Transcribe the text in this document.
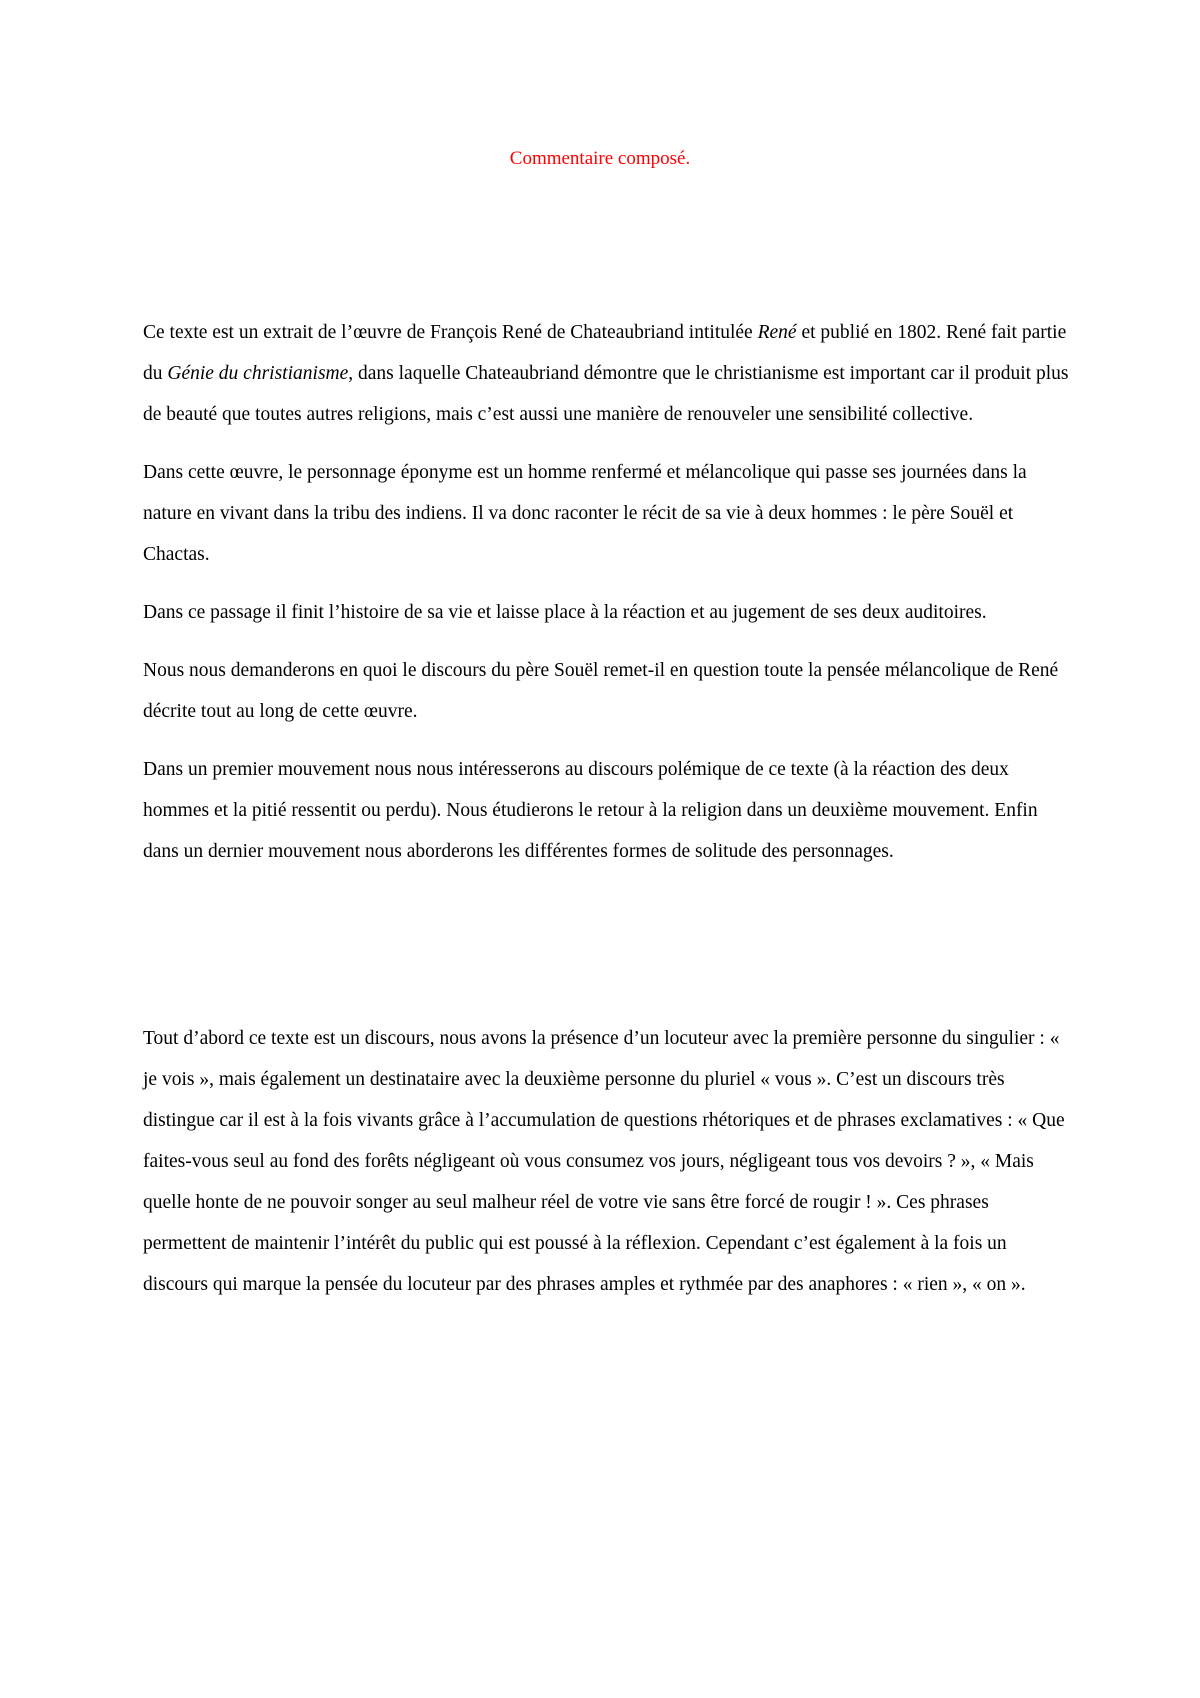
Commentaire composé.

Ce texte est un extrait de l’œuvre de François René de Chateaubriand intitulée René et publié en 1802. René fait partie du Génie du christianisme, dans laquelle Chateaubriand démontre que le christianisme est important car il produit plus de beauté que toutes autres religions, mais c’est aussi une manière de renouveler une sensibilité collective.

Dans cette œuvre, le personnage éponyme est un homme renfermé et mélancolique qui passe ses journées dans la nature en vivant dans la tribu des indiens. Il va donc raconter le récit de sa vie à deux hommes : le père Souël et Chactas.

Dans ce passage il finit l’histoire de sa vie et laisse place à la réaction et au jugement de ses deux auditoires.

Nous nous demanderons en quoi le discours du père Souël remet-il en question toute la pensée mélancolique de René décrite tout au long de cette œuvre.

Dans un premier mouvement nous nous intéresserons au discours polémique de ce texte (à la réaction des deux hommes et la pitié ressentit ou perdu). Nous étudierons le retour à la religion dans un deuxième mouvement. Enfin dans un dernier mouvement nous aborderons les différentes formes de solitude des personnages.

Tout d’abord ce texte est un discours, nous avons la présence d’un locuteur avec la première personne du singulier : « je vois », mais également un destinataire avec la deuxième personne du pluriel « vous ». C’est un discours très distingue car il est à la fois vivants grâce à l’accumulation de questions rhétoriques et de phrases exclamatives : « Que faites-vous seul au fond des forêts négligeant où vous consumez vos jours, négligeant tous vos devoirs ? », « Mais quelle honte de ne pouvoir songer au seul malheur réel de votre vie sans être forcé de rougir ! ». Ces phrases permettent de maintenir l’intérêt du public qui est poussé à la réflexion. Cependant c’est également à la fois un discours qui marque la pensée du locuteur par des phrases amples et rythmée par des anaphores : « rien », « on ».
